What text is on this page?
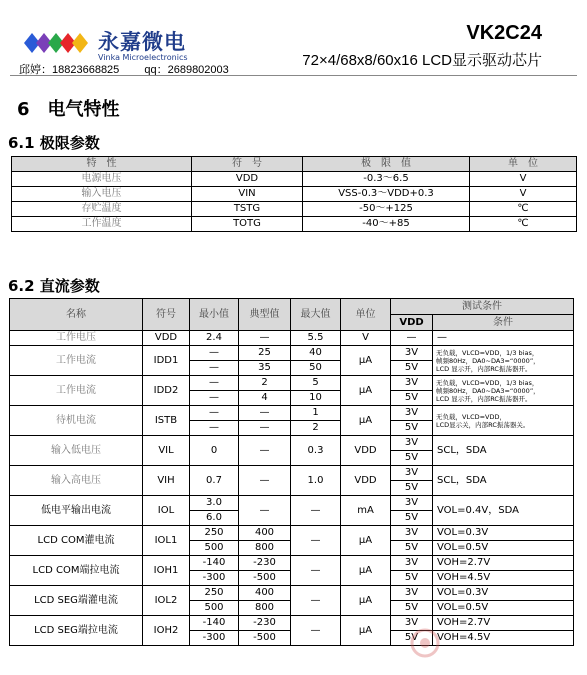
永嘉微电
Vinka Microelectronics
邱婷：18823668825 qq：2689802003
VK2C24
72×4/68x8/60x16 LCD显示驱动芯片
6 电气特性
6.1 极限参数
特　性	符　号	极　限　值	单　位
电源电压	VDD	-0.3～6.5	V
输入电压	VIN	VSS-0.3～VDD+0.3	V
存贮温度	TSTG	-50～+125	℃
工作温度	TOTG	-40～+85	℃
6.2 直流参数
名称	符号	最小值	典型值	最大值	单位	测试条件	
						VDD	条件
工作电压	VDD	2.4	—	5.5	V	—	—
工作电流	IDD1	—	25	40	μA	3V	无负载，VLCD=VDD，1/3 bias，
帧频80Hz，DA0~DA3=“0000”，
LCD 显示开，内部RC振荡器开。

		—	35	50		5V	
工作电流	IDD2	—	2	5	μA	3V	无负载，VLCD=VDD，1/3 bias，
帧频80Hz，DA0~DA3=“0000”，
LCD 显示开，内部RC振荡器开。

		—	4	10		5V	
待机电流	ISTB	—	—	1	μA	3V	无负载，VLCD=VDD，
LCD显示关，内部RC振荡器关。

		—	—	2		5V	
输入低电压	VIL	0	—	0.3	VDD	3V	SCL，SDA
						5V	
输入高电压	VIH	0.7	—	1.0	VDD	3V	SCL，SDA
						5V	
低电平输出电流	IOL	3.0	—	—	mA	3V	VOL=0.4V，SDA
		6.0				5V	
LCD COM灌电流	IOL1	250	400	—	μA	3V	VOL=0.3V
		500	800			5V	VOL=0.5V
LCD COM端拉电流	IOH1	-140	-230	—	μA	3V	VOH=2.7V
		-300	-500			5V	VOH=4.5V
LCD SEG端灌电流	IOL2	250	400	—	μA	3V	VOL=0.3V
		500	800			5V	VOL=0.5V
LCD SEG端拉电流	IOH2	-140	-230	—	μA	3V	VOH=2.7V
		-300	-500			5V	VOH=4.5V
